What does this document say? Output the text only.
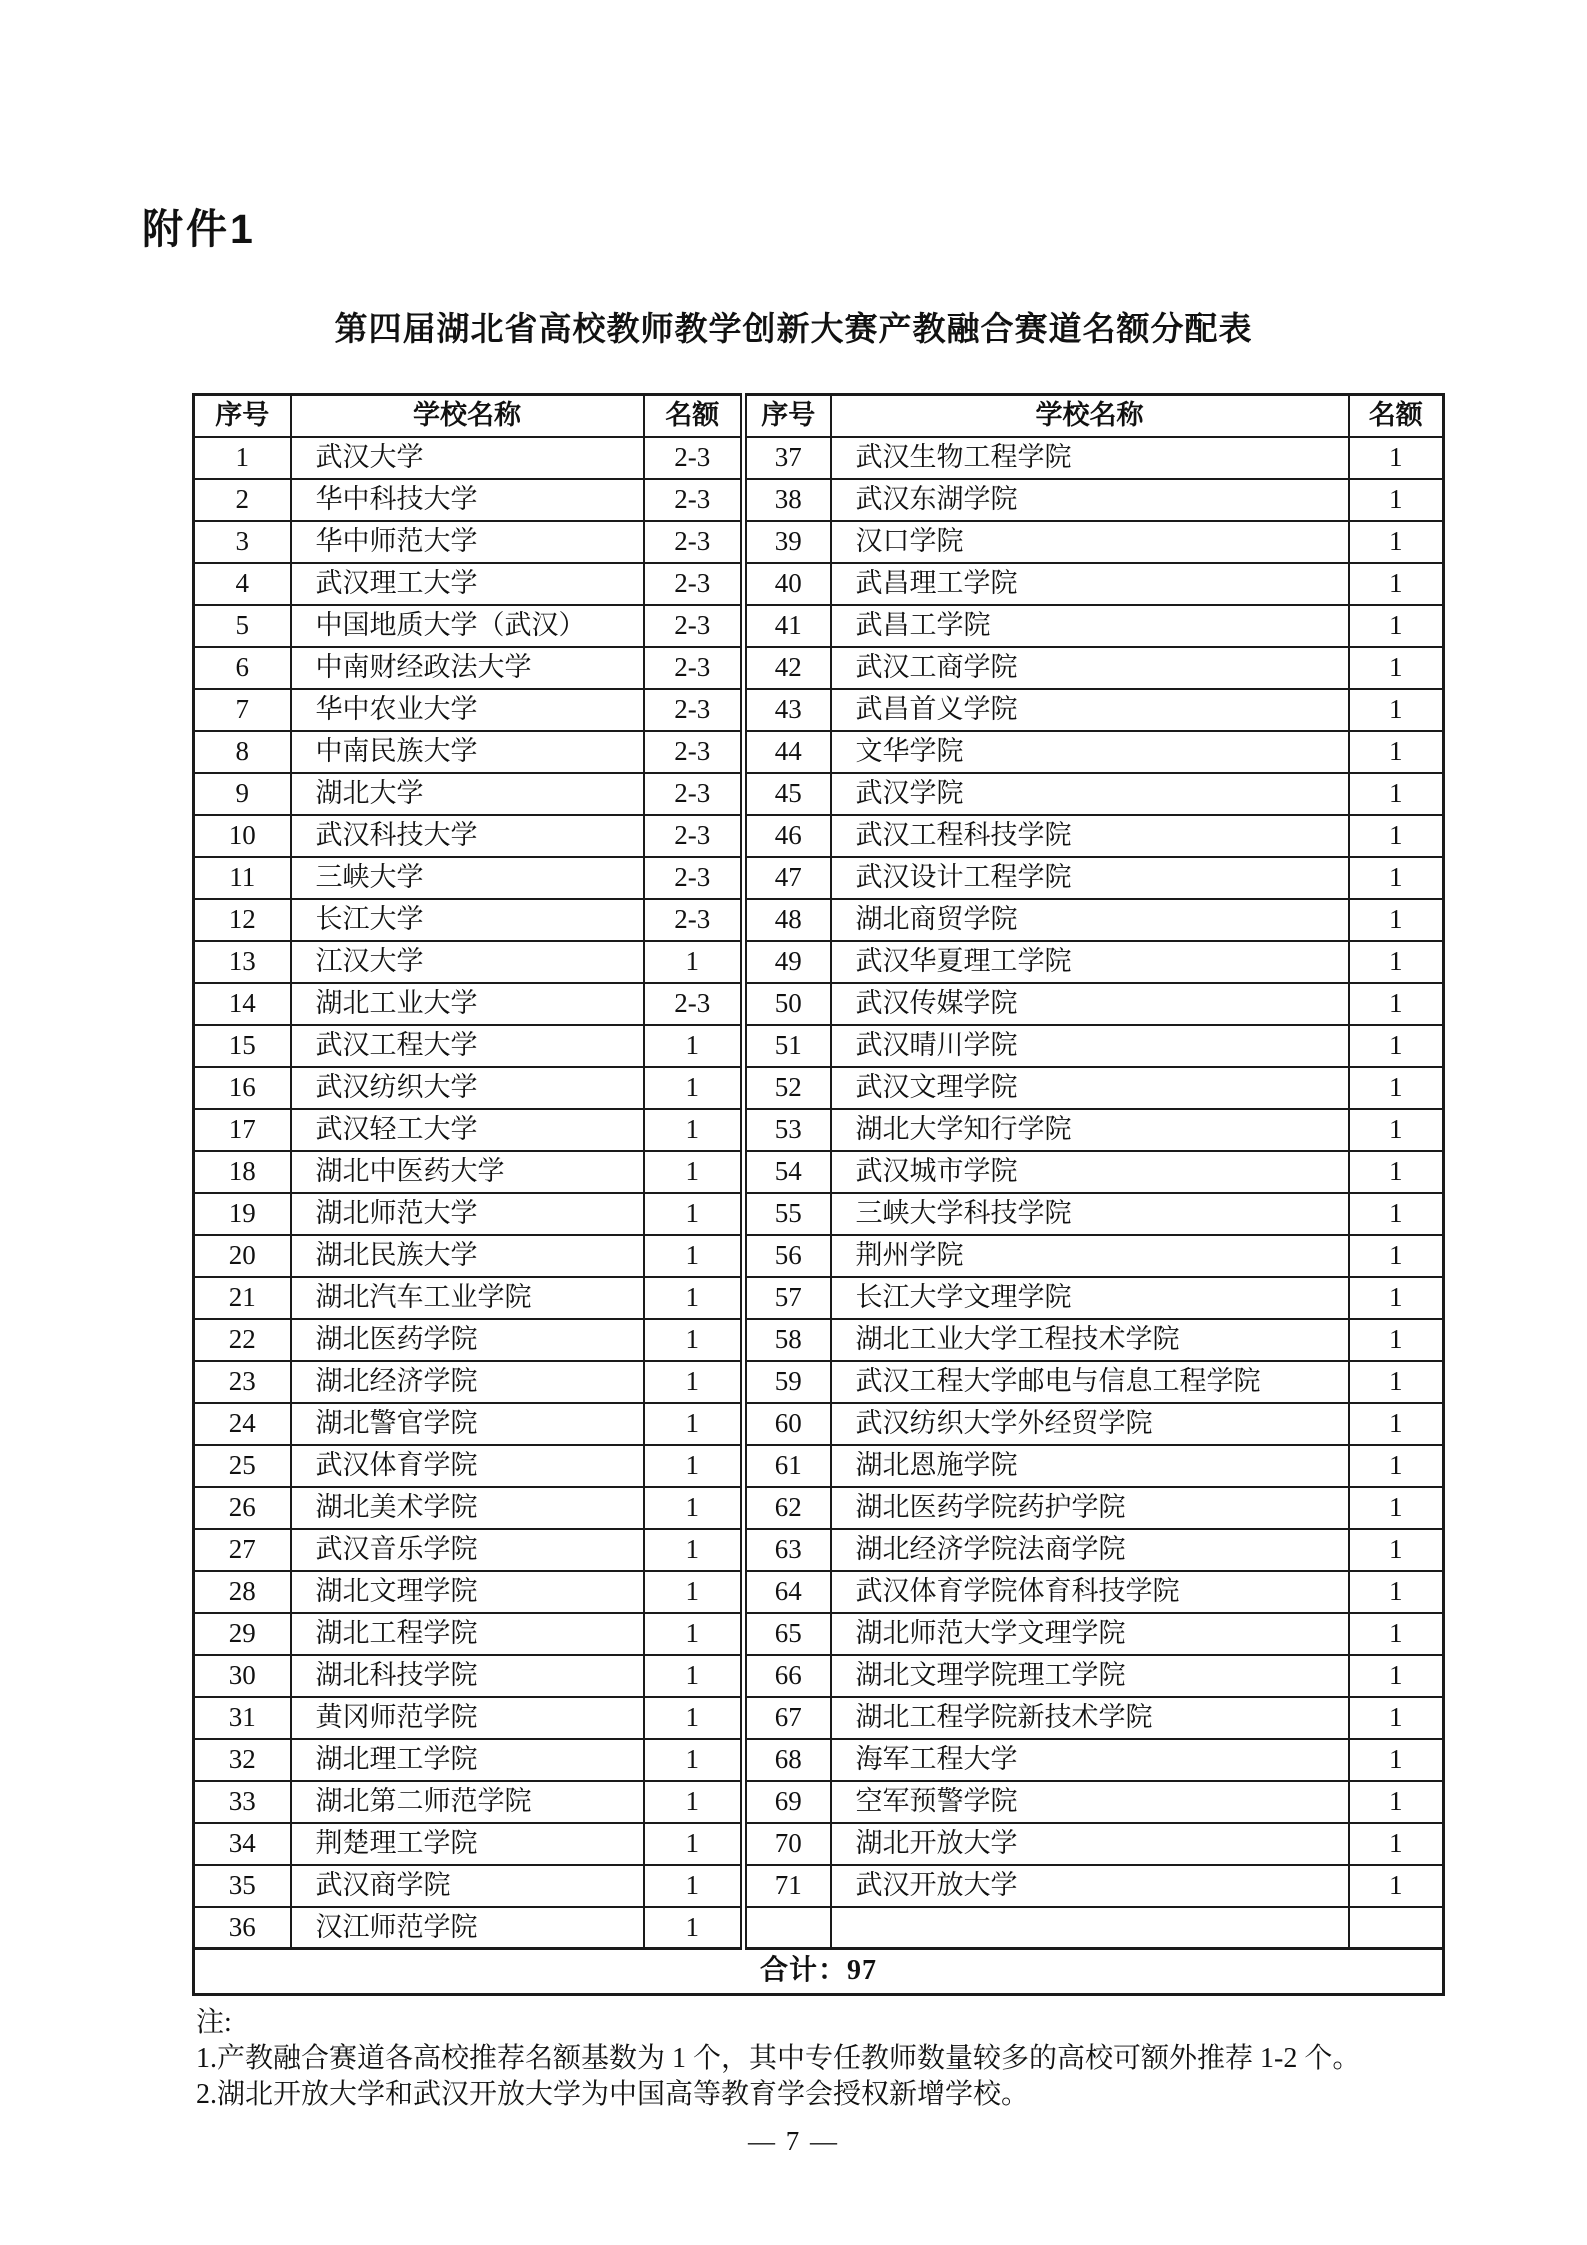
附件1
第四届湖北省高校教师教学创新大赛产教融合赛道名额分配表
序号	学校名称	名额	序号	学校名称	名额
1	武汉大学	2-3	37	武汉生物工程学院	1
2	华中科技大学	2-3	38	武汉东湖学院	1
3	华中师范大学	2-3	39	汉口学院	1
4	武汉理工大学	2-3	40	武昌理工学院	1
5	中国地质大学（武汉）	2-3	41	武昌工学院	1
6	中南财经政法大学	2-3	42	武汉工商学院	1
7	华中农业大学	2-3	43	武昌首义学院	1
8	中南民族大学	2-3	44	文华学院	1
9	湖北大学	2-3	45	武汉学院	1
10	武汉科技大学	2-3	46	武汉工程科技学院	1
11	三峡大学	2-3	47	武汉设计工程学院	1
12	长江大学	2-3	48	湖北商贸学院	1
13	江汉大学	1	49	武汉华夏理工学院	1
14	湖北工业大学	2-3	50	武汉传媒学院	1
15	武汉工程大学	1	51	武汉晴川学院	1
16	武汉纺织大学	1	52	武汉文理学院	1
17	武汉轻工大学	1	53	湖北大学知行学院	1
18	湖北中医药大学	1	54	武汉城市学院	1
19	湖北师范大学	1	55	三峡大学科技学院	1
20	湖北民族大学	1	56	荆州学院	1
21	湖北汽车工业学院	1	57	长江大学文理学院	1
22	湖北医药学院	1	58	湖北工业大学工程技术学院	1
23	湖北经济学院	1	59	武汉工程大学邮电与信息工程学院	1
24	湖北警官学院	1	60	武汉纺织大学外经贸学院	1
25	武汉体育学院	1	61	湖北恩施学院	1
26	湖北美术学院	1	62	湖北医药学院药护学院	1
27	武汉音乐学院	1	63	湖北经济学院法商学院	1
28	湖北文理学院	1	64	武汉体育学院体育科技学院	1
29	湖北工程学院	1	65	湖北师范大学文理学院	1
30	湖北科技学院	1	66	湖北文理学院理工学院	1
31	黄冈师范学院	1	67	湖北工程学院新技术学院	1
32	湖北理工学院	1	68	海军工程大学	1
33	湖北第二师范学院	1	69	空军预警学院	1
34	荆楚理工学院	1	70	湖北开放大学	1
35	武汉商学院	1	71	武汉开放大学	1
36	汉江师范学院	1			
合计：97					
注:
1.产教融合赛道各高校推荐名额基数为 1 个，其中专任教师数量较多的高校可额外推荐 1-2 个。
2.湖北开放大学和武汉开放大学为中国高等教育学会授权新增学校。
— 7 —
